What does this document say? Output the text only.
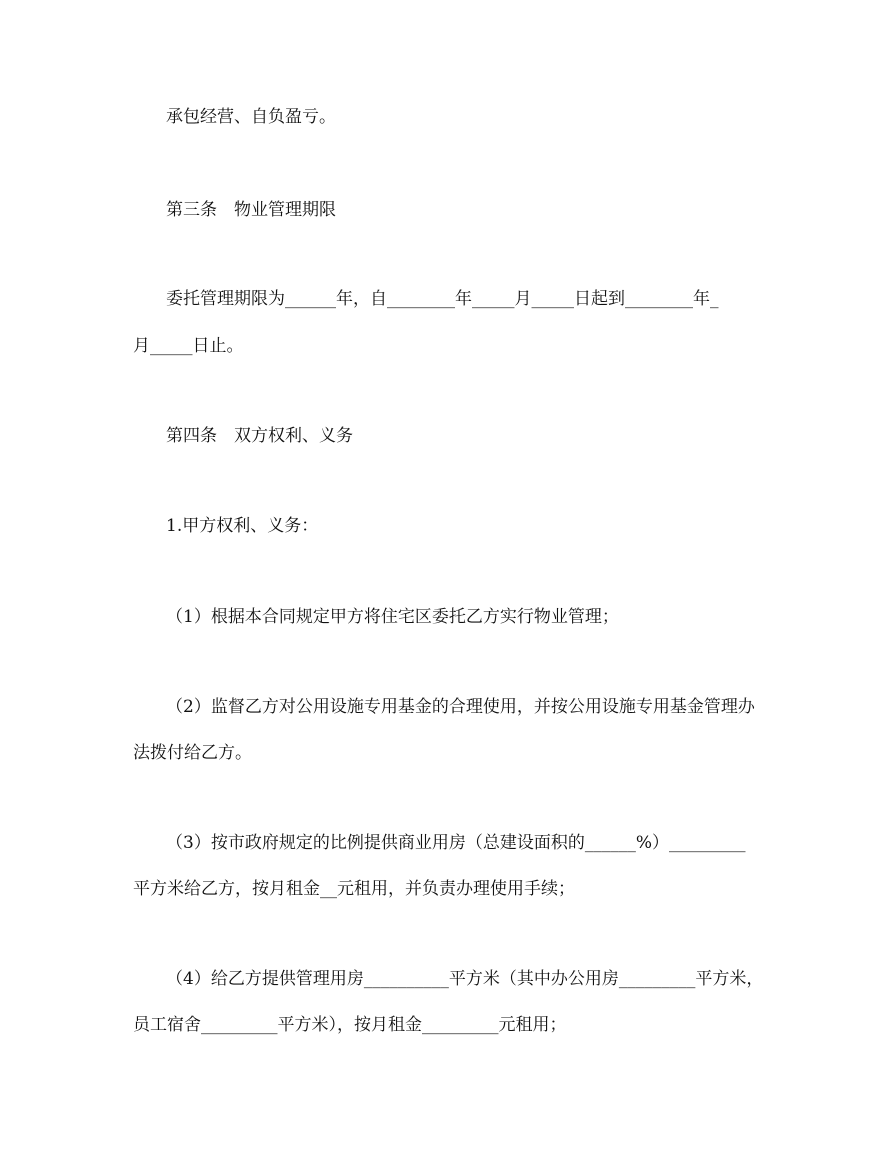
承包经营、自负盈亏。

第三条　物业管理期限

委托管理期限为______年，自________年_____月_____日起到________年_

月_____日止。

第四条　双方权利、义务

1.甲方权利、义务：

（1）根据本合同规定甲方将住宅区委托乙方实行物业管理；

（2）监督乙方对公用设施专用基金的合理使用，并按公用设施专用基金管理办

法拨付给乙方。

（3）按市政府规定的比例提供商业用房（总建设面积的______%）_________

平方米给乙方，按月租金__元租用，并负责办理使用手续；

（4）给乙方提供管理用房__________平方米（其中办公用房_________平方米，

员工宿舍_________平方米），按月租金_________元租用；
